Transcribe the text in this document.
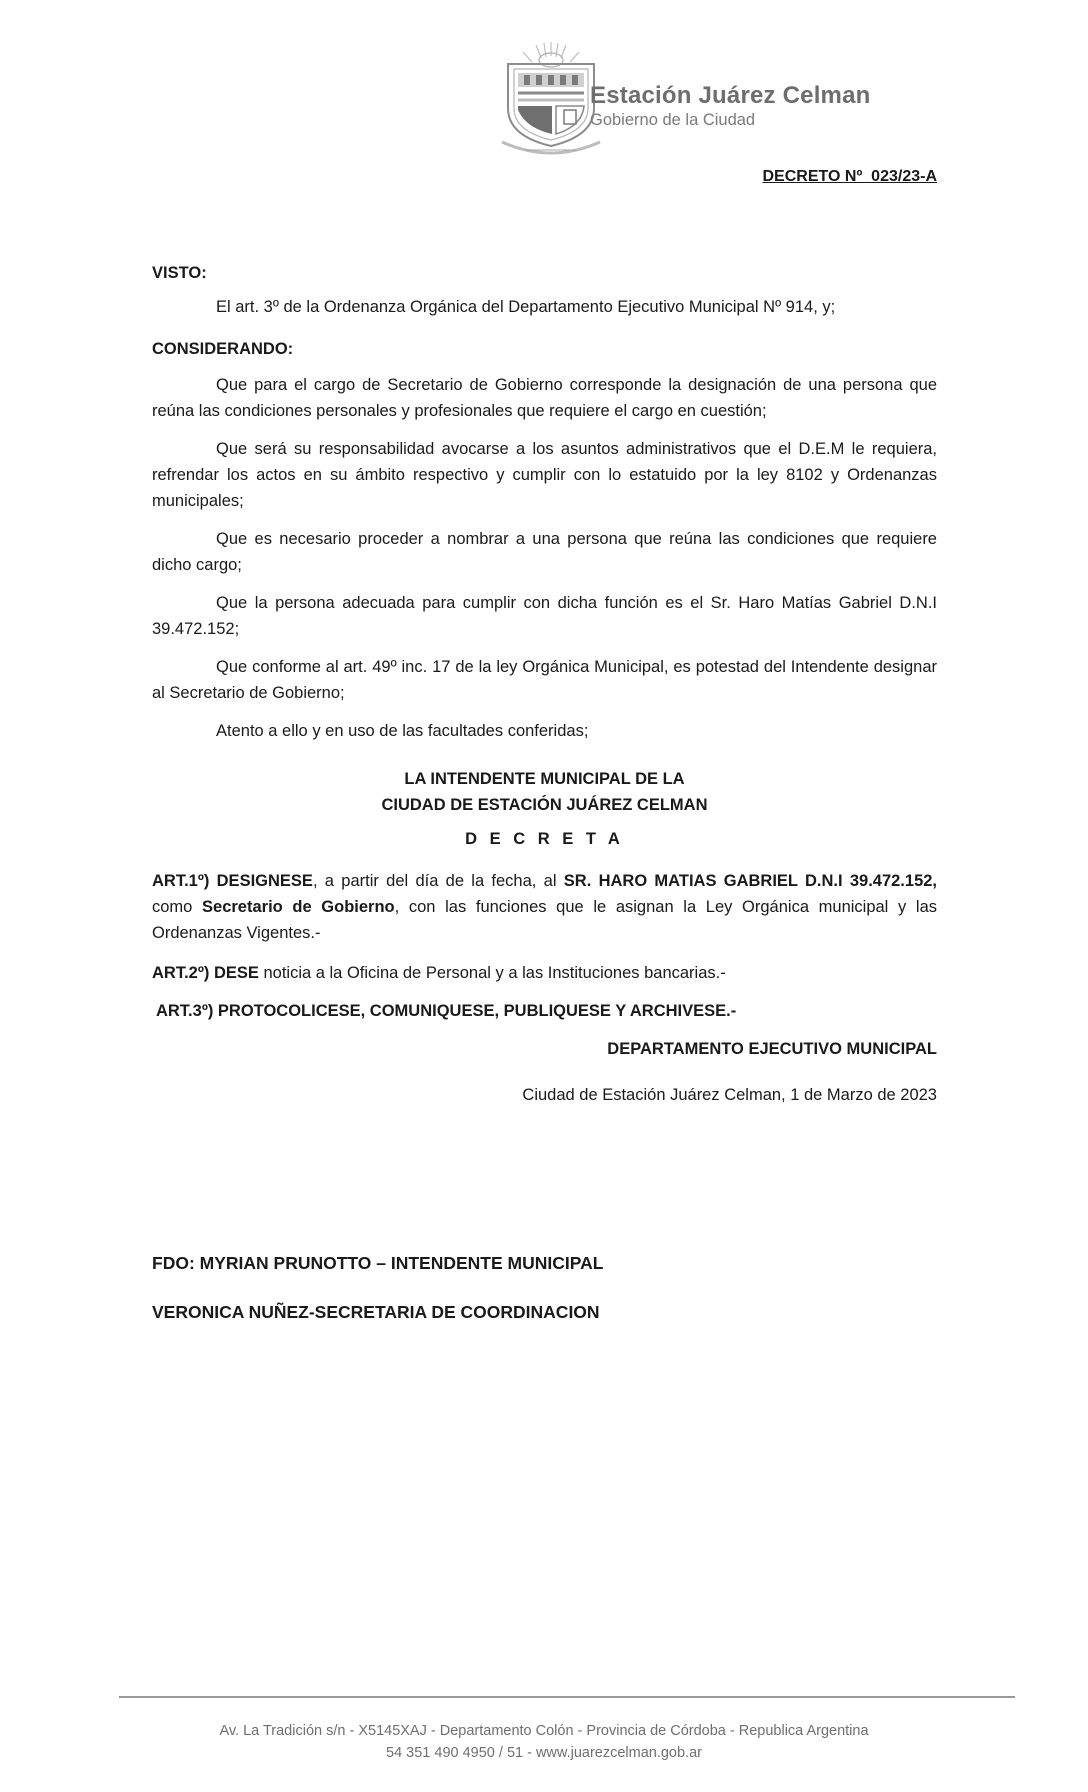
Estación Juárez Celman
Gobierno de la Ciudad
DECRETO Nº  023/23-A

VISTO:

El art. 3º de la Ordenanza Orgánica del Departamento Ejecutivo Municipal Nº 914, y;

CONSIDERANDO:

Que para el cargo de Secretario de Gobierno corresponde la designación de una persona que reúna las condiciones personales y profesionales que requiere el cargo en cuestión;

Que será su responsabilidad avocarse a los asuntos administrativos que el D.E.M le requiera, refrendar los actos en su ámbito respectivo y cumplir con lo estatuido por la ley 8102 y Ordenanzas municipales;

Que es necesario proceder a nombrar a una persona que reúna las condiciones que requiere dicho cargo;

Que la persona adecuada para cumplir con dicha función es el Sr. Haro Matías Gabriel D.N.I 39.472.152;

Que conforme al art. 49º inc. 17 de la ley Orgánica Municipal, es potestad del Intendente designar al Secretario de Gobierno;

Atento a ello y en uso de las facultades conferidas;

LA INTENDENTE MUNICIPAL DE LA

CIUDAD DE ESTACIÓN JUÁREZ CELMAN

D E C R E T A

ART.1º) DESIGNESE, a partir del día de la fecha, al SR. HARO MATIAS GABRIEL D.N.I 39.472.152, como Secretario de Gobierno, con las funciones que le asignan la Ley Orgánica municipal y las Ordenanzas Vigentes.-

ART.2º) DESE noticia a la Oficina de Personal y a las Instituciones bancarias.-

ART.3º) PROTOCOLICESE, COMUNIQUESE, PUBLIQUESE Y ARCHIVESE.-

DEPARTAMENTO EJECUTIVO MUNICIPAL

Ciudad de Estación Juárez Celman, 1 de Marzo de 2023

FDO: MYRIAN PRUNOTTO – INTENDENTE MUNICIPAL
VERONICA NUÑEZ-SECRETARIA DE COORDINACION
Av. La Tradición s/n - X5145XAJ - Departamento Colón - Provincia de Córdoba - Republica Argentina
54 351 490 4950 / 51 - www.juarezcelman.gob.ar
